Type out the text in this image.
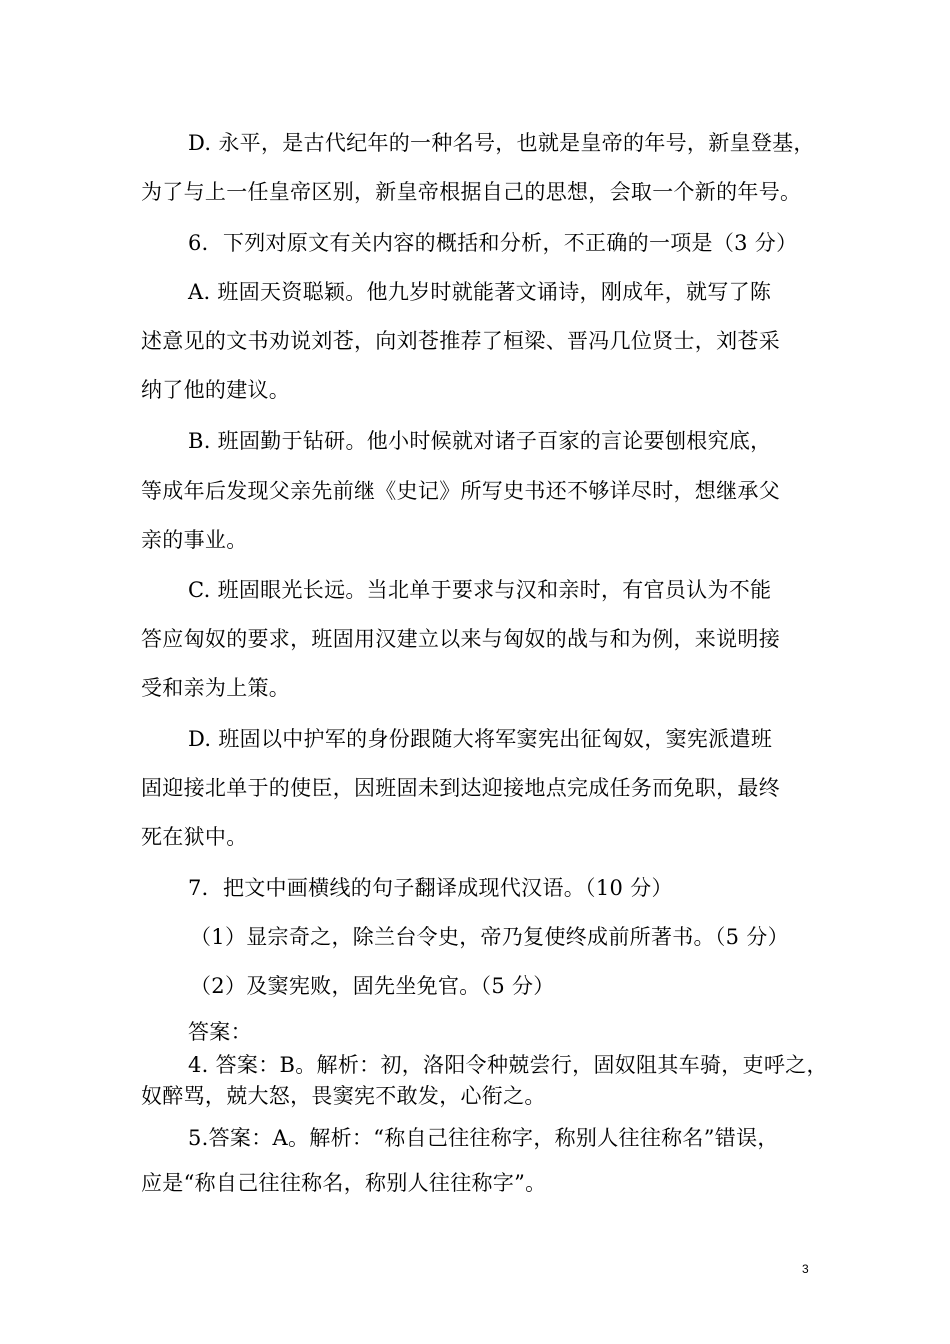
D. 永平，是古代纪年的一种名号，也就是皇帝的年号，新皇登基，
为了与上一任皇帝区别，新皇帝根据自己的思想，会取一个新的年号。
6．下列对原文有关内容的概括和分析，不正确的一项是（3 分）
A. 班固天资聪颖。他九岁时就能著文诵诗，刚成年，就写了陈
述意见的文书劝说刘苍，向刘苍推荐了桓梁、晋冯几位贤士，刘苍采
纳了他的建议。
B. 班固勤于钻研。他小时候就对诸子百家的言论要刨根究底，
等成年后发现父亲先前继《史记》所写史书还不够详尽时，想继承父
亲的事业。
C. 班固眼光长远。当北单于要求与汉和亲时，有官员认为不能
答应匈奴的要求，班固用汉建立以来与匈奴的战与和为例，来说明接
受和亲为上策。
D. 班固以中护军的身份跟随大将军窦宪出征匈奴，窦宪派遣班
固迎接北单于的使臣，因班固未到达迎接地点完成任务而免职，最终
死在狱中。
7．把文中画横线的句子翻译成现代汉语。（10 分）
（1）显宗奇之，除兰台令史，帝乃复使终成前所著书。（5 分）
（2）及窦宪败，固先坐免官。（5 分）
答案：
4. 答案：B。解析：初，洛阳令种兢尝行，固奴阻其车骑，吏呼之，
奴醉骂，兢大怒，畏窦宪不敢发，心衔之。
5.答案：A。解析：“称自己往往称字，称别人往往称名”错误，
应是“称自己往往称名，称别人往往称字”。
3
